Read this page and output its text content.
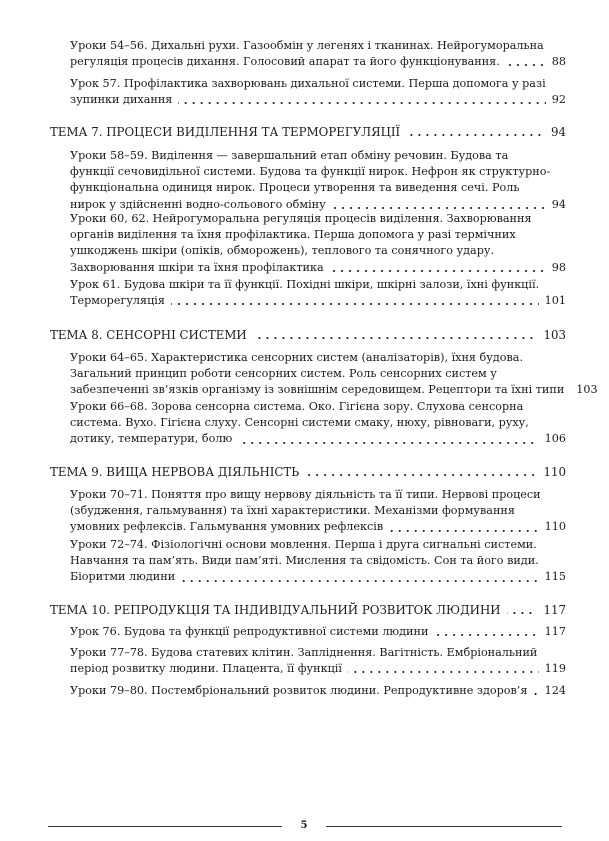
Уроки 54–56. Дихальні рухи. Газообмін у легенях і тканинах. Нейрогуморальна
регуляція процесів дихання. Голосовий апарат та його функціонування.	88
Урок 57. Профілактика захворювань дихальної системи. Перша допомога у разі
зупинки дихання	92
ТЕМА 7. ПРОЦЕСИ ВИДІЛЕННЯ ТА ТЕРМОРЕГУЛЯЦІЇ	94
Уроки 58–59. Виділення — завершальний етап обміну речовин. Будова та
функції сечовидільної системи. Будова та функції нирок. Нефрон як структурно-
функціональна одиниця нирок. Процеси утворення та виведення сечі. Роль
нирок у здійсненні водно-сольового обміну	94
Уроки 60, 62. Нейрогуморальна регуляція процесів виділення. Захворювання
органів виділення та їхня профілактика. Перша допомога у разі термічних
ушкоджень шкіри (опіків, обморожень), теплового та сонячного удару.
Захворювання шкіри та їхня профілактика	98
Урок 61. Будова шкіри та її функції. Похідні шкіри, шкірні залози, їхні функції.
Терморегуляція	101
ТЕМА 8. СЕНСОРНІ СИСТЕМИ	103
Уроки 64–65. Характеристика сенсорних систем (аналізаторів), їхня будова.
Загальний принцип роботи сенсорних систем. Роль сенсорних систем у
забезпеченні зв’язків організму із зовнішнім середовищем. Рецептори та їхні типи 103
Уроки 66–68. Зорова сенсорна система. Око. Гігієна зору. Слухова сенсорна
система. Вухо. Гігієна слуху. Сенсорні системи смаку, нюху, рівноваги, руху,
дотику, температури, болю	106
ТЕМА 9. ВИЩА НЕРВОВА ДІЯЛЬНІСТЬ	110
Уроки 70–71. Поняття про вищу нервову діяльність та її типи. Нервові процеси
(збудження, гальмування) та їхні характеристики. Механізми формування
умовних рефлексів. Гальмування умовних рефлексів	110
Уроки 72–74. Фізіологічні основи мовлення. Перша і друга сигнальні системи.
Навчання та пам’ять. Види пам’яті. Мислення та свідомість. Сон та його види.
Біоритми людини	115
ТЕМА 10. РЕПРОДУКЦІЯ ТА ІНДИВІДУАЛЬНИЙ РОЗВИТОК ЛЮДИНИ	117
Урок 76. Будова та функції репродуктивної системи людини	117
Уроки 77–78. Будова статевих клітин. Запліднення. Вагітність. Ембріональний
період розвитку людини. Плацента, її функції	119
Уроки 79–80. Постембріональний розвиток людини. Репродуктивне здоров’я 124
5
